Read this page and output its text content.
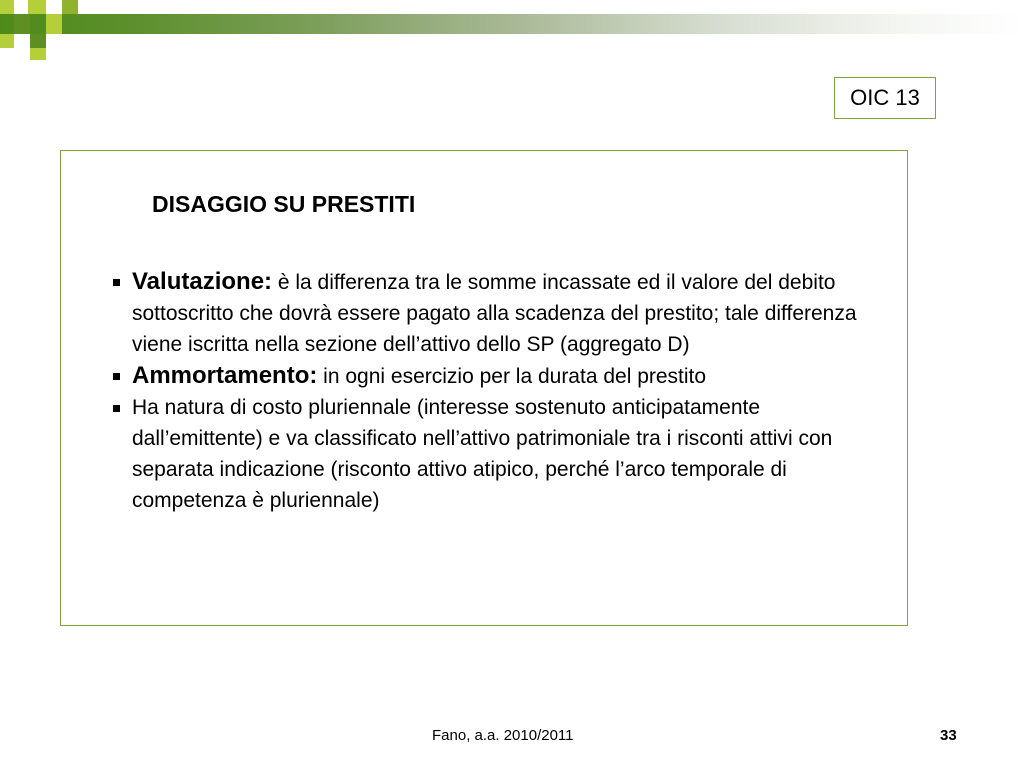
OIC 13
DISAGGIO SU PRESTITI
Valutazione: è la differenza tra le somme incassate ed il valore del debito sottoscritto che dovrà essere pagato alla scadenza del prestito; tale differenza viene iscritta nella sezione dell’attivo dello SP (aggregato D)
Ammortamento: in ogni esercizio per la durata del prestito
Ha natura di costo pluriennale (interesse sostenuto anticipatamente dall’emittente) e va classificato nell’attivo patrimoniale tra i risconti attivi con separata indicazione (risconto attivo atipico, perché l’arco temporale di competenza è pluriennale)
Fano, a.a. 2010/2011	33
